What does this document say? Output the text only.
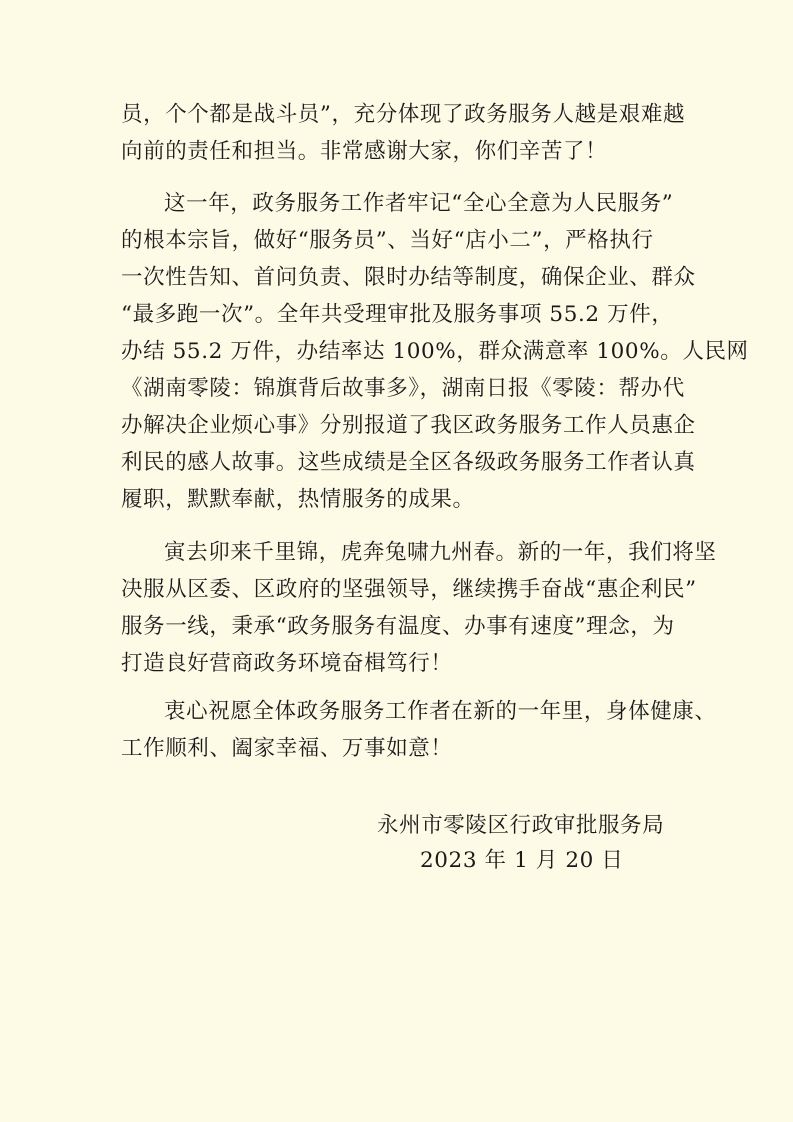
员，个个都是战斗员”，充分体现了政务服务人越是艰难越
向前的责任和担当。非常感谢大家，你们辛苦了！

这一年，政务服务工作者牢记“全心全意为人民服务”
的根本宗旨，做好“服务员”、当好“店小二”，严格执行
一次性告知、首问负责、限时办结等制度，确保企业、群众
“最多跑一次”。全年共受理审批及服务事项 55.2 万件，
办结 55.2 万件，办结率达 100%，群众满意率 100%。人民网
《湖南零陵：锦旗背后故事多》，湖南日报《零陵：帮办代
办解决企业烦心事》分别报道了我区政务服务工作人员惠企
利民的感人故事。这些成绩是全区各级政务服务工作者认真
履职，默默奉献，热情服务的成果。

寅去卯来千里锦，虎奔兔啸九州春。新的一年，我们将坚
决服从区委、区政府的坚强领导，继续携手奋战“惠企利民”
服务一线，秉承“政务服务有温度、办事有速度”理念，为
打造良好营商政务环境奋楫笃行！

衷心祝愿全体政务服务工作者在新的一年里，身体健康、
工作顺利、阖家幸福、万事如意！

永州市零陵区行政审批服务局
2023 年 1 月 20 日
